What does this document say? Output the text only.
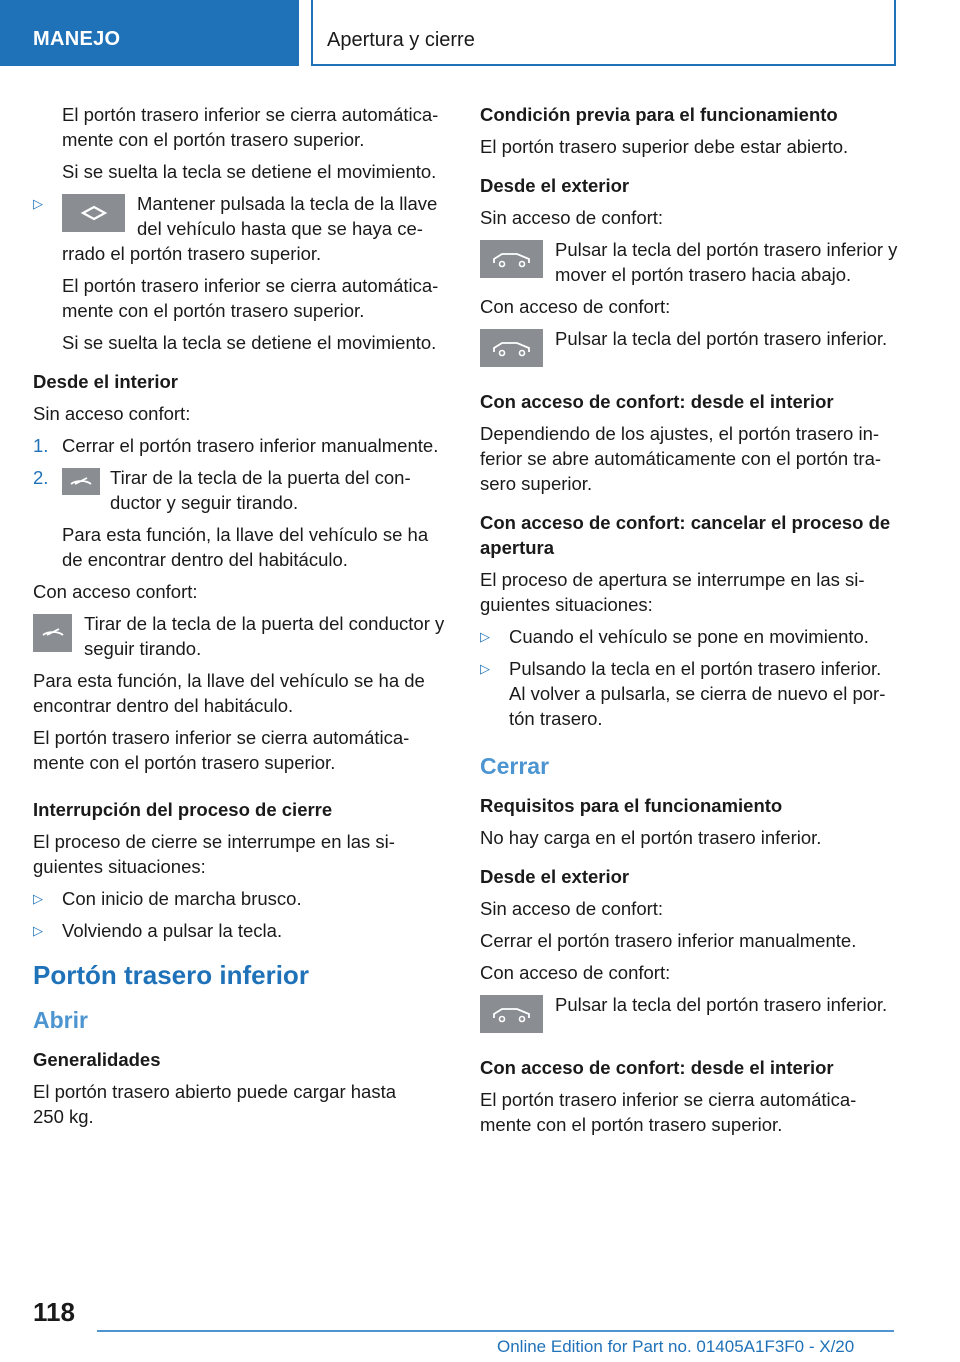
MANEJO	Apertura y cierre

El portón trasero inferior se cierra automáticamente con el portón trasero superior.

Si se suelta la tecla se detiene el movimiento.

▷	Mantener pulsada la tecla de la llave del vehículo hasta que se haya cerrado el portón trasero superior.

El portón trasero inferior se cierra automáticamente con el portón trasero superior.

Si se suelta la tecla se detiene el movimiento.

Desde el interior

Sin acceso confort:

1. Cerrar el portón trasero inferior manualmente.
2.	Tirar de la tecla de la puerta del conductor y seguir tirando.

Para esta función, la llave del vehículo se ha de encontrar dentro del habitáculo.

Con acceso confort:

Tirar de la tecla de la puerta del conductor y seguir tirando.

Para esta función, la llave del vehículo se ha de encontrar dentro del habitáculo.

El portón trasero inferior se cierra automáticamente con el portón trasero superior.

Interrupción del proceso de cierre

El proceso de cierre se interrumpe en las siguientes situaciones:

▷	Con inicio de marcha brusco.
▷	Volviendo a pulsar la tecla.
Portón trasero inferior
Abrir

Generalidades

El portón trasero abierto puede cargar hasta 250 kg.

Condición previa para el funcionamiento

El portón trasero superior debe estar abierto.

Desde el exterior

Sin acceso de confort:

Pulsar la tecla del portón trasero inferior y mover el portón trasero hacia abajo.

Con acceso de confort:

Pulsar la tecla del portón trasero inferior.

Con acceso de confort: desde el interior

Dependiendo de los ajustes, el portón trasero inferior se abre automáticamente con el portón trasero superior.

Con acceso de confort: cancelar el proceso de apertura

El proceso de apertura se interrumpe en las siguientes situaciones:

▷	Cuando el vehículo se pone en movimiento.
▷	Pulsando la tecla en el portón trasero inferior. Al volver a pulsarla, se cierra de nuevo el portón trasero.
Cerrar

Requisitos para el funcionamiento

No hay carga en el portón trasero inferior.

Desde el exterior

Sin acceso de confort:

Cerrar el portón trasero inferior manualmente.

Con acceso de confort:

Pulsar la tecla del portón trasero inferior.

Con acceso de confort: desde el interior

El portón trasero inferior se cierra automáticamente con el portón trasero superior.

118
Online Edition for Part no. 01405A1F3F0 - X/20
